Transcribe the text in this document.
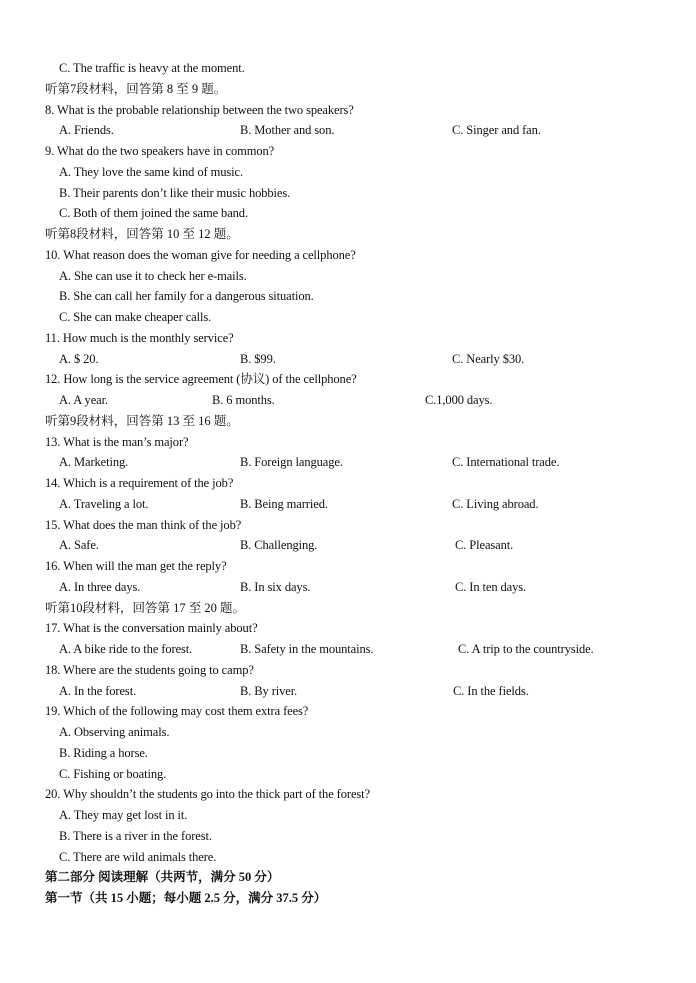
C. The traffic is heavy at the moment.
听第7段材料，回答第 8 至 9 题。
8. What is the probable relationship between the two speakers?
A. Friends.	B. Mother and son.	C. Singer and fan.
9. What do the two speakers have in common?
A. They love the same kind of music.
B. Their parents don’t like their music hobbies.
C. Both of them joined the same band.
听第8段材料，回答第 10 至 12 题。
10. What reason does the woman give for needing a cellphone?
A. She can use it to check her e-mails.
B. She can call her family for a dangerous situation.
C. She can make cheaper calls.
11. How much is the monthly service?
A. $ 20.	B. $99.	C. Nearly $30.
12. How long is the service agreement (协议) of the cellphone?
A. A year.	B. 6 months.	C.1,000 days.
听第9段材料，回答第 13 至 16 题。
13. What is the man’s major?
A. Marketing.	B. Foreign language.	C. International trade.
14. Which is a requirement of the job?
A. Traveling a lot.	B. Being married.	C. Living abroad.
15. What does the man think of the job?
A. Safe.	B. Challenging.	C. Pleasant.
16. When will the man get the reply?
A. In three days.	B. In six days.	C. In ten days.
听第10段材料，回答第 17 至 20 题。
17. What is the conversation mainly about?
A. A bike ride to the forest.	B. Safety in the mountains.	C. A trip to the countryside.
18. Where are the students going to camp?
A. In the forest.	B. By river.	C. In the fields.
19. Which of the following may cost them extra fees?
A. Observing animals.
B. Riding a horse.
C. Fishing or boating.
20. Why shouldn’t the students go into the thick part of the forest?
A. They may get lost in it.
B. There is a river in the forest.
C. There are wild animals there.
第二部分 阅读理解（共两节，满分 50 分）
第一节（共 15 小题；每小题 2.5 分，满分 37.5 分）
